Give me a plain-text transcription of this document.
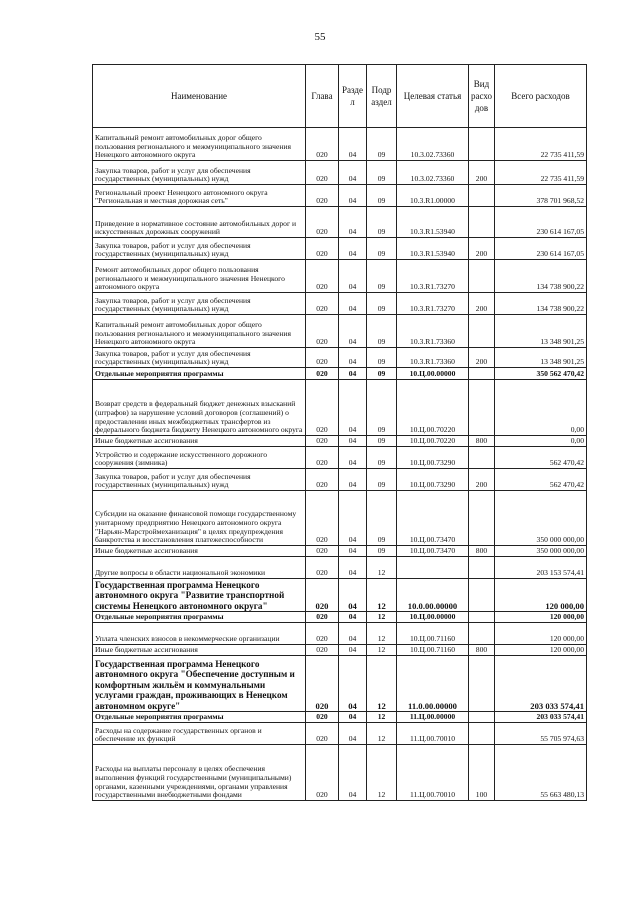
55
Наименование	Глава	Разде л	Подр аздел	Целевая статья	Вид расхо дов	Всего расходов
Капитальный ремонт автомобильных дорог общего пользования регионального и межмуниципального значения Ненецкого автономного округа	020	04	09	10.3.02.73360		22 735 411,59
Закупка товаров, работ и услуг для обеспечения государственных (муниципальных) нужд	020	04	09	10.3.02.73360	200	22 735 411,59
Региональный проект Ненецкого автономного округа "Региональная и местная дорожная сеть"	020	04	09	10.3.R1.00000		378 701 968,52
Приведение в нормативное состояние автомобильных дорог и искусственных дорожных сооружений	020	04	09	10.3.R1.53940		230 614 167,05
Закупка товаров, работ и услуг для обеспечения государственных (муниципальных) нужд	020	04	09	10.3.R1.53940	200	230 614 167,05
Ремонт автомобильных дорог общего пользования регионального и межмуниципального значения Ненецкого автономного округа	020	04	09	10.3.R1.73270		134 738 900,22
Закупка товаров, работ и услуг для обеспечения государственных (муниципальных) нужд	020	04	09	10.3.R1.73270	200	134 738 900,22
Капитальный ремонт автомобильных дорог общего пользования регионального и межмуниципального значения Ненецкого автономного округа	020	04	09	10.3.R1.73360		13 348 901,25
Закупка товаров, работ и услуг для обеспечения государственных (муниципальных) нужд	020	04	09	10.3.R1.73360	200	13 348 901,25
Отдельные мероприятия программы	020	04	09	10.Ц.00.00000		350 562 470,42
Возврат средств в федеральный бюджет денежных взысканий (штрафов) за нарушение условий договоров (соглашений) о предоставлении иных межбюджетных трансфертов из федерального бюджета бюджету Ненецкого автономного округа	020	04	09	10.Ц.00.70220		0,00
Иные бюджетные ассигнования	020	04	09	10.Ц.00.70220	800	0,00
Устройство и содержание искусственного дорожного сооружения (зимника)	020	04	09	10.Ц.00.73290		562 470,42
Закупка товаров, работ и услуг для обеспечения государственных (муниципальных) нужд	020	04	09	10.Ц.00.73290	200	562 470,42
Субсидии на оказание финансовой помощи государственному унитарному предприятию Ненецкого автономного округа "Нарьян-Марстроймеханизация" в целях предупреждения банкротства и восстановления платежеспособности	020	04	09	10.Ц.00.73470		350 000 000,00
Иные бюджетные ассигнования	020	04	09	10.Ц.00.73470	800	350 000 000,00
Другие вопросы в области национальной экономики	020	04	12			203 153 574,41
Государственная программа Ненецкого автономного округа "Развитие транспортной системы Ненецкого автономного округа"	020	04	12	10.0.00.00000		120 000,00
Отдельные мероприятия программы	020	04	12	10.Ц.00.00000		120 000,00
Уплата членских взносов в некоммерческие организации	020	04	12	10.Ц.00.71160		120 000,00
Иные бюджетные ассигнования	020	04	12	10.Ц.00.71160	800	120 000,00
Государственная программа Ненецкого автономного округа "Обеспечение доступным и комфортным жильём и коммунальными услугами граждан, проживающих в Ненецком автономном округе"	020	04	12	11.0.00.00000		203 033 574,41
Отдельные мероприятия программы	020	04	12	11.Ц.00.00000		203 033 574,41
Расходы на содержание государственных органов и обеспечение их функций	020	04	12	11.Ц.00.70010		55 705 974,63
Расходы на выплаты персоналу в целях обеспечения выполнения функций государственными (муниципальными) органами, казенными учреждениями, органами управления государственными внебюджетными фондами	020	04	12	11.Ц.00.70010	100	55 663 480,13
